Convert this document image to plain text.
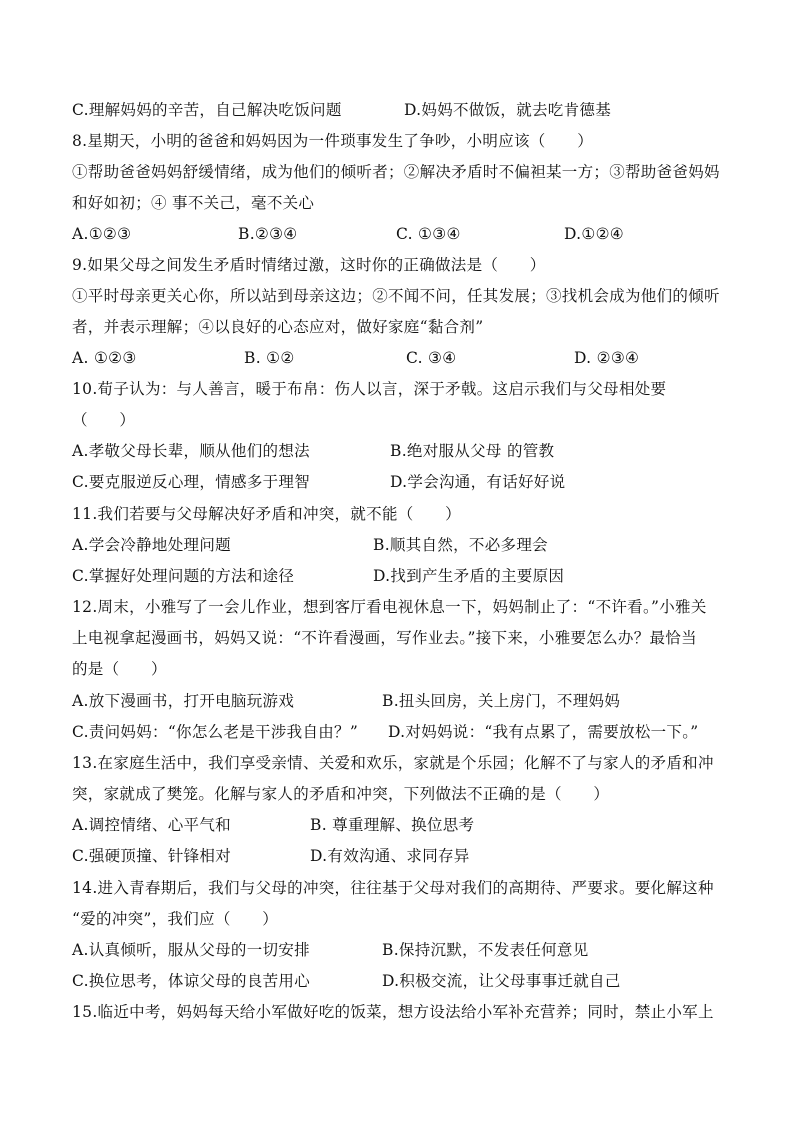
C.理解妈妈的辛苦，自己解决吃饭问题	D.妈妈不做饭，就去吃肯德基
8.星期天，小明的爸爸和妈妈因为一件琐事发生了争吵，小明应该（　　）
①帮助爸爸妈妈舒缓情绪，成为他们的倾听者；②解决矛盾时不偏袒某一方；③帮助爸爸妈妈
和好如初；④ 事不关己，毫不关心
A.①②③	B.②③④	C. ①③④	D.①②④
9.如果父母之间发生矛盾时情绪过激，这时你的正确做法是（　　）
①平时母亲更关心你，所以站到母亲这边；②不闻不问，任其发展；③找机会成为他们的倾听
者，并表示理解；④以良好的心态应对，做好家庭“黏合剂”
A. ①②③	B. ①②	C. ③④	D. ②③④
10.荀子认为：与人善言，暖于布帛：伤人以言，深于矛戟。这启示我们与父母相处要
（　　）
A.孝敬父母长辈，顺从他们的想法	B.绝对服从父母 的管教
C.要克服逆反心理，情感多于理智	D.学会沟通，有话好好说
11.我们若要与父母解决好矛盾和冲突，就不能（　　）
A.学会冷静地处理问题	B.顺其自然，不必多理会
C.掌握好处理问题的方法和途径	D.找到产生矛盾的主要原因
12.周末，小雅写了一会儿作业，想到客厅看电视休息一下，妈妈制止了：“不许看。”小雅关
上电视拿起漫画书，妈妈又说：“不许看漫画，写作业去。”接下来，小雅要怎么办？最恰当
的是（　　）
A.放下漫画书，打开电脑玩游戏	B.扭头回房，关上房门，不理妈妈
C.责问妈妈：“你怎么老是干涉我自由？” D.对妈妈说：“我有点累了，需要放松一下。”
13.在家庭生活中，我们享受亲情、关爱和欢乐，家就是个乐园；化解不了与家人的矛盾和冲
突，家就成了樊笼。化解与家人的矛盾和冲突，下列做法不正确的是（　　）
A.调控情绪、心平气和	B. 尊重理解、换位思考
C.强硬顶撞、针锋相对	D.有效沟通、求同存异
14.进入青春期后，我们与父母的冲突，往往基于父母对我们的高期待、严要求。要化解这种
“爱的冲突”，我们应（　　）
A.认真倾听，服从父母的一切安排	B.保持沉默，不发表任何意见
C.换位思考，体谅父母的良苦用心	D.积极交流，让父母事事迁就自己
15.临近中考，妈妈每天给小军做好吃的饭菜，想方设法给小军补充营养；同时，禁止小军上
